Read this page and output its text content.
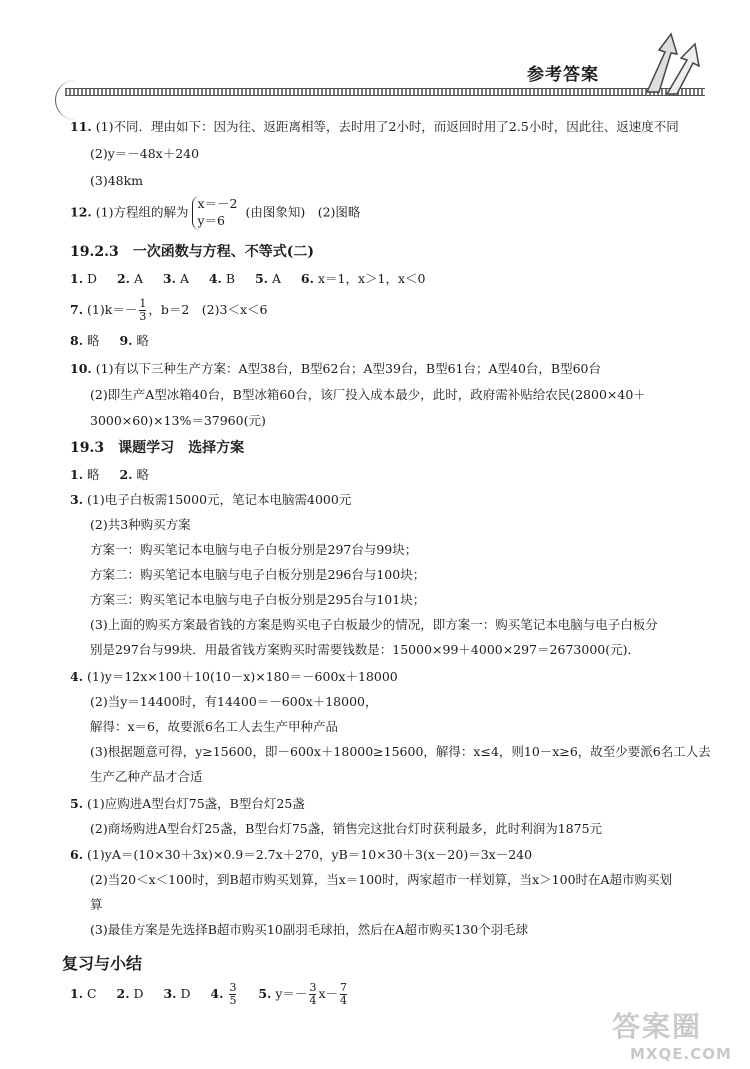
参考答案
11. (1)不同．理由如下：因为往、返距离相等，去时用了2小时，而返回时用了2.5小时，因此往、返速度不同
(2)y＝－48x＋240
(3)48km
12. (1)方程组的解为
x＝－2
y＝6
(由图象知)　(2)图略
19.2.3　一次函数与方程、不等式(二)
1. D 2. A 3. A 4. B 5. A 6. x＝1，x＞1，x＜0
7. $(1)k=- \frac{1}{3}$ ，b＝2　(2)3＜x＜6
8. 略 9. 略
10. (1)有以下三种生产方案：A型38台，B型62台；A型39台，B型61台；A型40台，B型60台
(2)即生产A型冰箱40台，B型冰箱60台，该厂投入成本最少，此时，政府需补贴给农民(2800×40＋
3000×60)×13%＝37960(元)
19.3　课题学习　选择方案
1. 略 2. 略
3. (1)电子白板需15000元，笔记本电脑需4000元
(2)共3种购买方案
方案一：购买笔记本电脑与电子白板分别是297台与99块；
方案二：购买笔记本电脑与电子白板分别是296台与100块；
方案三：购买笔记本电脑与电子白板分别是295台与101块；
(3)上面的购买方案最省钱的方案是购买电子白板最少的情况，即方案一：购买笔记本电脑与电子白板分
别是297台与99块．用最省钱方案购买时需要钱数是：15000×99＋4000×297＝2673000(元)．
4. (1)y＝12x×100＋10(10－x)×180＝－600x＋18000
(2)当y＝14400时，有14400＝－600x＋18000，
解得：x＝6，故要派6名工人去生产甲种产品
(3)根据题意可得，y≥15600，即－600x＋18000≥15600，解得：x≤4，则10－x≥6，故至少要派6名工人去
生产乙种产品才合适
5. (1)应购进A型台灯75盏，B型台灯25盏
(2)商场购进A型台灯25盏，B型台灯75盏，销售完这批台灯时获利最多，此时利润为1875元
6. (1)yA＝(10×30＋3x)×0.9＝2.7x＋270，yB＝10×30＋3(x－20)＝3x－240
(2)当20＜x＜100时，到B超市购买划算，当x＝100时，两家超市一样划算，当x＞100时在A超市购买划
算
(3)最佳方案是先选择B超市购买10副羽毛球拍，然后在A超市购买130个羽毛球
复习与小结
1. C 2. D 3. D 4. $\frac{3}{5} 5$. $y=- \frac{3}{4} x- \frac{7}{4}$
答案圈
MXQE.COM
